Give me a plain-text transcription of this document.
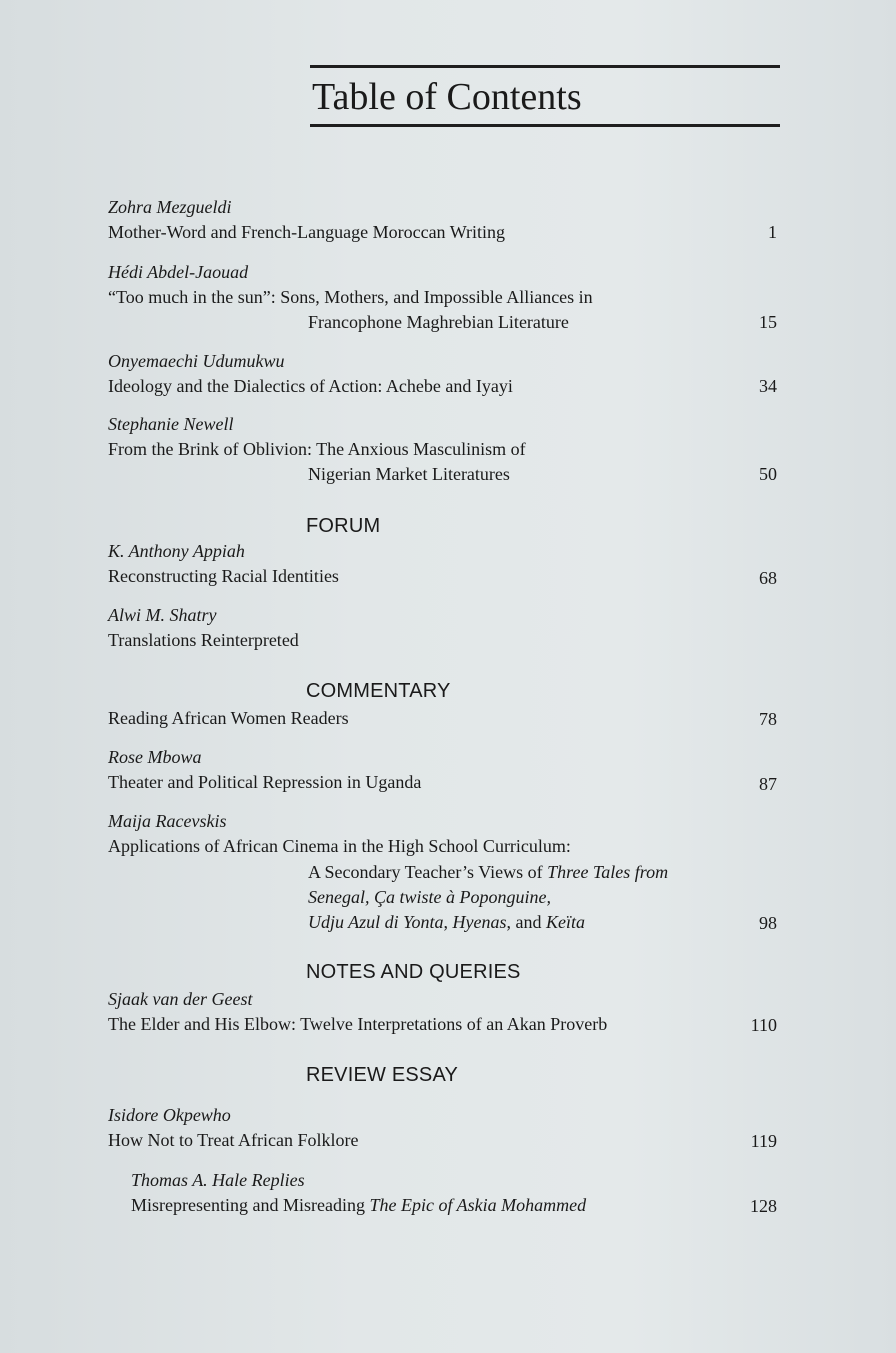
Table of Contents
Zohra Mezgueldi
Mother-Word and French-Language Moroccan Writing	1
Hédi Abdel-Jaouad
“Too much in the sun”: Sons, Mothers, and Impossible Alliances in
Francophone Maghrebian Literature	15
Onyemaechi Udumukwu
Ideology and the Dialectics of Action: Achebe and Iyayi	34
Stephanie Newell
From the Brink of Oblivion: The Anxious Masculinism of
Nigerian Market Literatures	50
FORUM
K. Anthony Appiah
Reconstructing Racial Identities	68
Alwi M. Shatry
Translations Reinterpreted
COMMENTARY
Reading African Women Readers	78
Rose Mbowa
Theater and Political Repression in Uganda	87
Maija Racevskis
Applications of African Cinema in the High School Curriculum:
A Secondary Teacher’s Views of Three Tales from
Senegal, Ça twiste à Poponguine,
Udju Azul di Yonta, Hyenas, and Keïta	98
NOTES AND QUERIES
Sjaak van der Geest
The Elder and His Elbow: Twelve Interpretations of an Akan Proverb	110
REVIEW ESSAY
Isidore Okpewho
How Not to Treat African Folklore	119
Thomas A. Hale Replies
Misrepresenting and Misreading The Epic of Askia Mohammed	128
